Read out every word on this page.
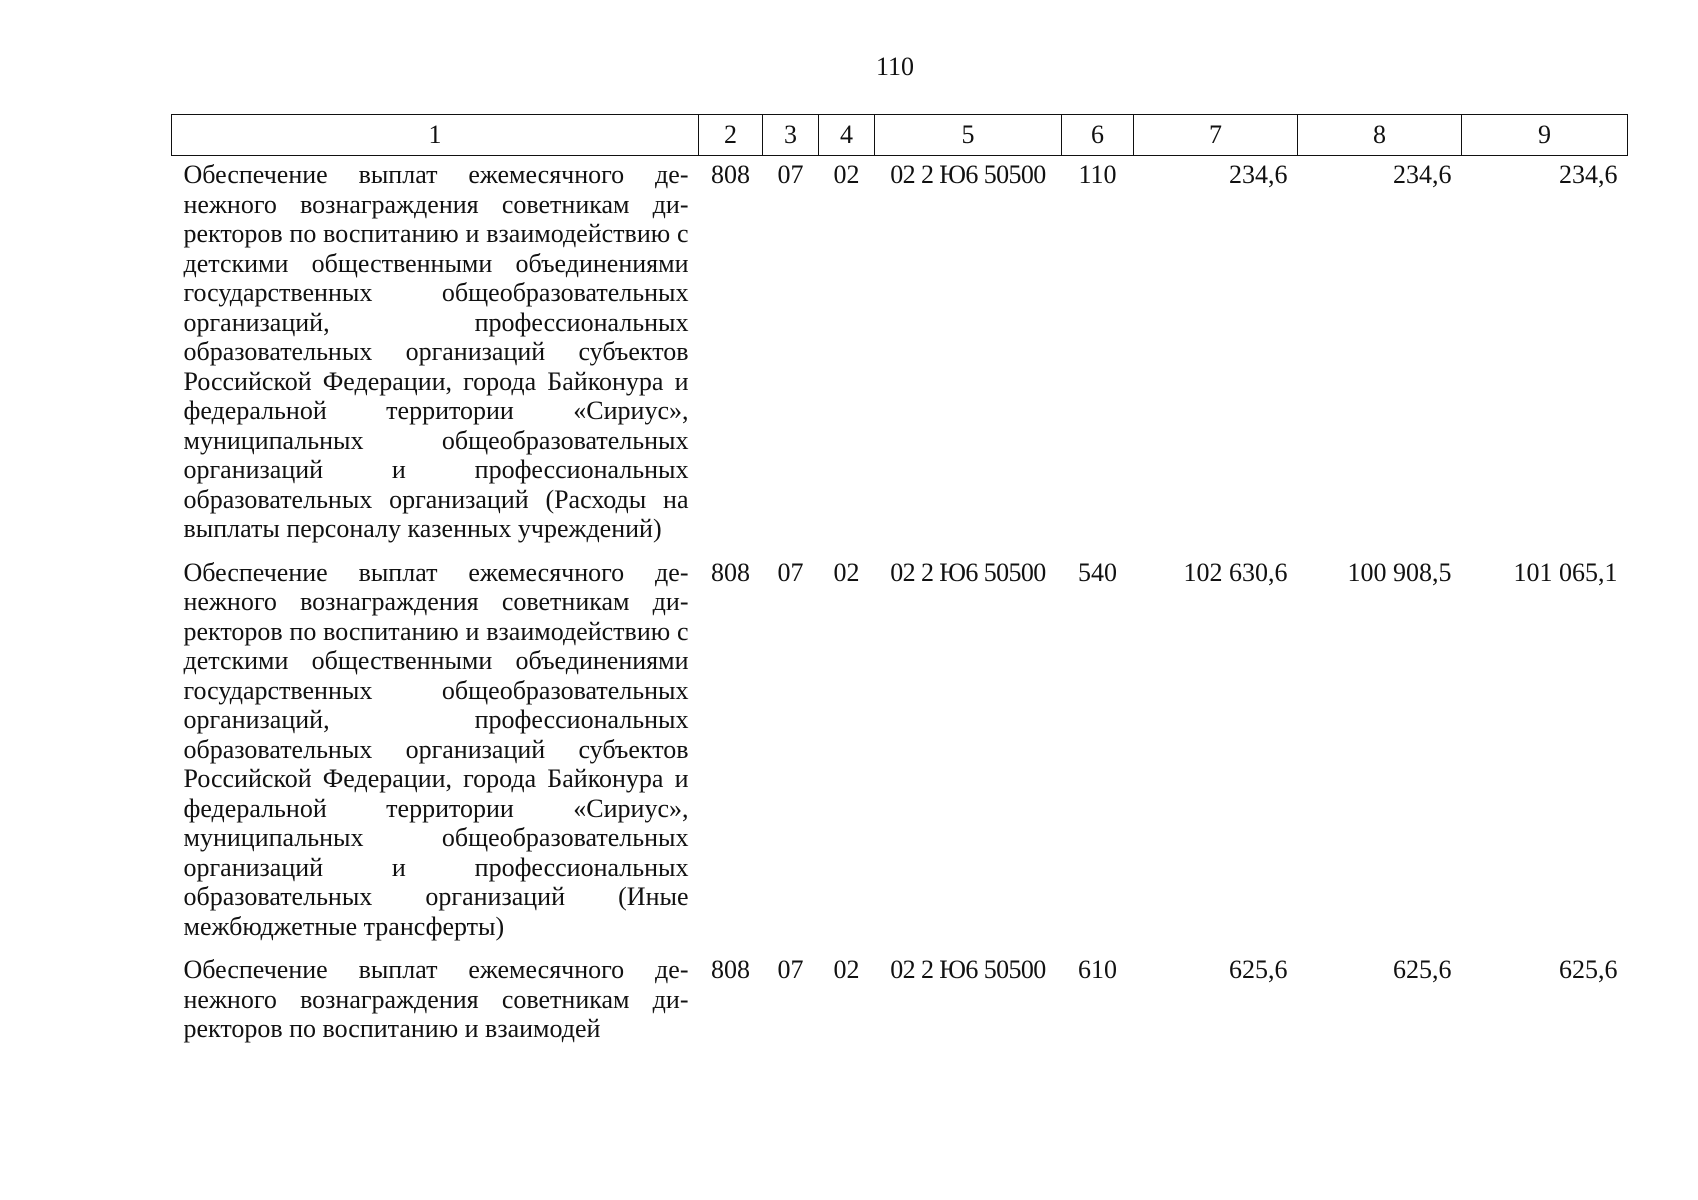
110
1	2	3	4	5	6	7	8	9
Обеспечение выплат ежемесячного денежного вознаграждения советникам директоров по воспитанию и взаимодействию с детскими общественными объединениями государственных общеобразовательных организаций, профессиональных образовательных организаций субъектов Российской Федерации, города Байконура и федеральной территории «Сириус», муниципальных общеобразовательных организаций и профессиональных образовательных организаций (Расходы на выплаты персоналу казенных учреждений)	808	07	02	02 2 Ю6 50500	110	234,6	234,6	234,6
Обеспечение выплат ежемесячного денежного вознаграждения советникам директоров по воспитанию и взаимодействию с детскими общественными объединениями государственных общеобразовательных организаций, профессиональных образовательных организаций субъектов Российской Федерации, города Байконура и федеральной территории «Сириус», муниципальных общеобразовательных организаций и профессиональных образовательных организаций (Иные межбюджетные трансферты)	808	07	02	02 2 Ю6 50500	540	102 630,6	100 908,5	101 065,1
Обеспечение выплат ежемесячного денежного вознаграждения советникам директоров по воспитанию и взаимодей	808	07	02	02 2 Ю6 50500	610	625,6	625,6	625,6
